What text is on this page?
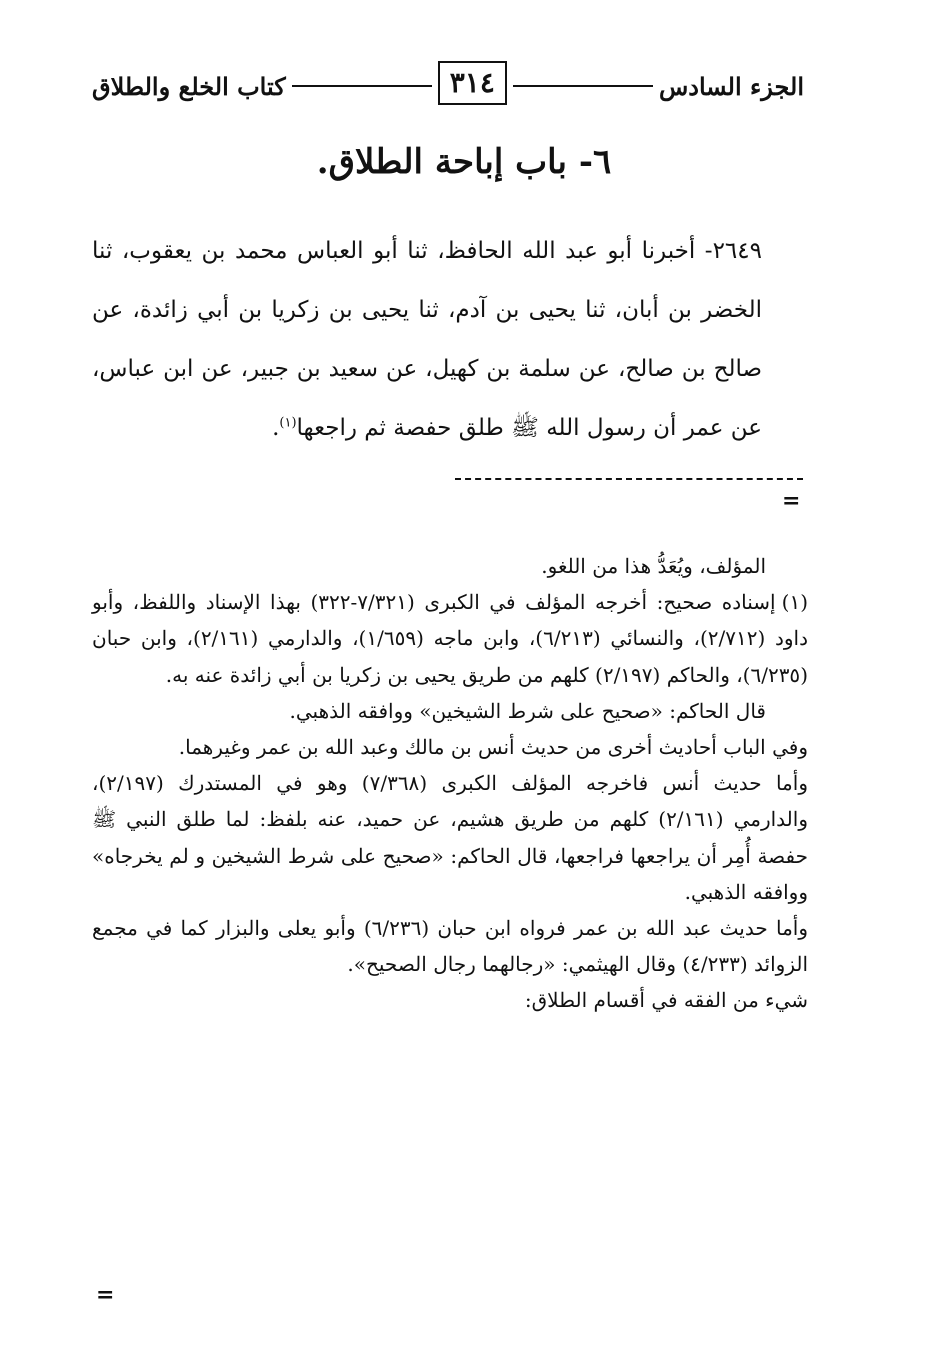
الجزء السادس
٣١٤
كتاب الخلع والطلاق
٦- باب إباحة الطلاق.

٢٦٤٩- أخبرنا أبو عبد الله الحافظ، ثنا أبو العباس محمد بن يعقوب، ثنا الخضر بن أبان، ثنا يحيى بن آدم، ثنا يحيى بن زكريا بن أبي زائدة، عن صالح بن صالح، عن سلمة بن كهيل، عن سعيد بن جبير، عن ابن عباس، عن عمر أن رسول الله ﷺ طلق حفصة ثم راجعها$^{(١)}$.

=

المؤلف، ويُعَدُّ هذا من اللغو.

(١)إسناده صحيح: أخرجه المؤلف في الكبرى (٧/٣٢١-٣٢٢) بهذا الإسناد واللفظ، وأبو داود (٢/٧١٢)، والنسائي (٦/٢١٣)، وابن ماجه (١/٦٥٩)، والدارمي (٢/١٦١)، وابن حبان (٦/٢٣٥)، والحاكم (٢/١٩٧) كلهم من طريق يحيى بن زكريا بن أبي زائدة عنه به.

قال الحاكم: «صحيح على شرط الشيخين» ووافقه الذهبي.

وفي الباب أحاديث أخرى من حديث أنس بن مالك وعبد الله بن عمر وغيرهما.

وأما حديث أنس فاخرجه المؤلف الكبرى (٧/٣٦٨) وهو في المستدرك (٢/١٩٧)، والدارمي (٢/١٦١) كلهم من طريق هشيم، عن حميد، عنه بلفظ: لما طلق النبي ﷺ حفصة أُمِر أن يراجعها فراجعها، قال الحاكم: «صحيح على شرط الشيخين و لم يخرجاه» ووافقه الذهبي.

وأما حديث عبد الله بن عمر فرواه ابن حبان (٦/٢٣٦) وأبو يعلى والبزار كما في مجمع الزوائد (٤/٢٣٣) وقال الهيثمي: «رجالهما رجال الصحيح».

شيء من الفقه في أقسام الطلاق:

=
